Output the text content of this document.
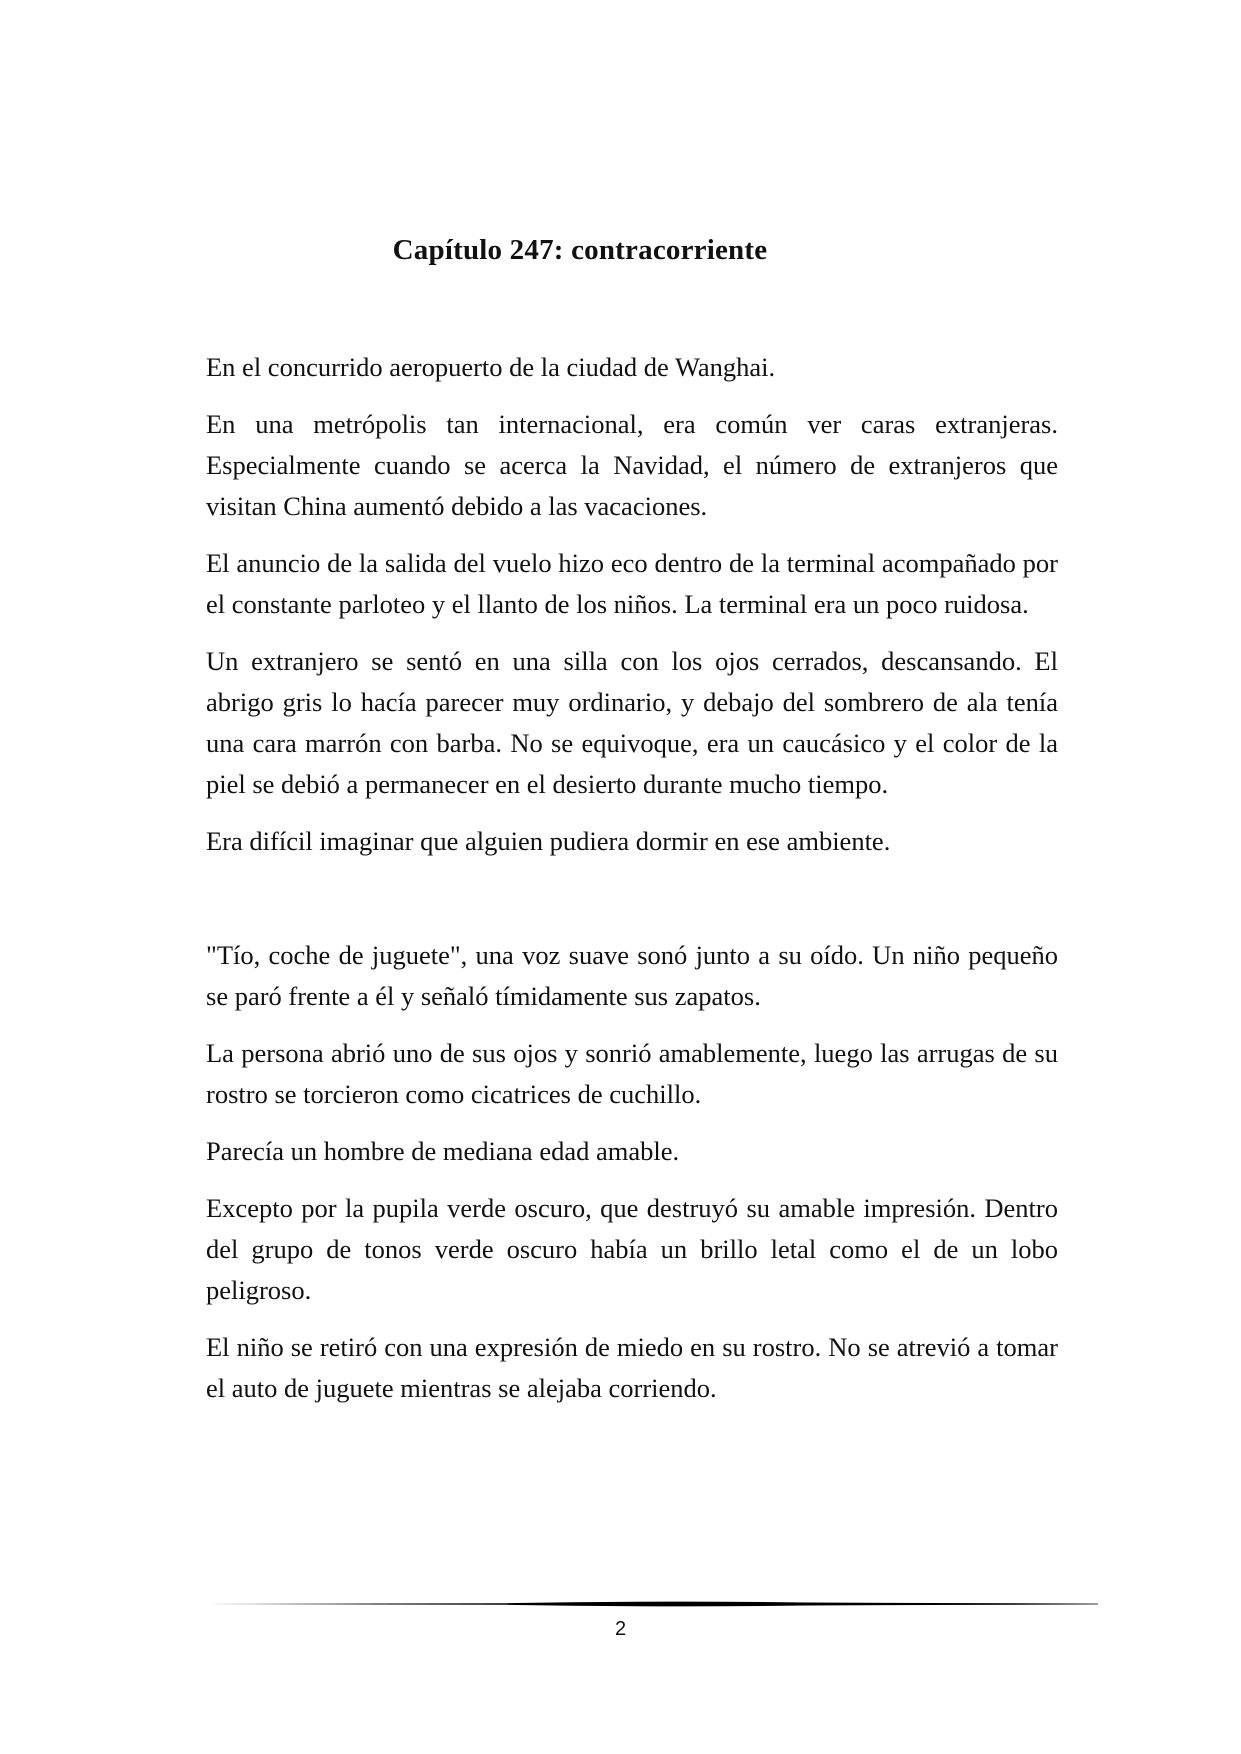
Capítulo 247: contracorriente

En el concurrido aeropuerto de la ciudad de Wanghai.

En una metrópolis tan internacional, era común ver caras extranjeras. Especialmente cuando se acerca la Navidad, el número de extranjeros que visitan China aumentó debido a las vacaciones.

El anuncio de la salida del vuelo hizo eco dentro de la terminal acompañado por el constante parloteo y el llanto de los niños. La terminal era un poco ruidosa.

Un extranjero se sentó en una silla con los ojos cerrados, descansando. El abrigo gris lo hacía parecer muy ordinario, y debajo del sombrero de ala tenía una cara marrón con barba. No se equivoque, era un caucásico y el color de la piel se debió a permanecer en el desierto durante mucho tiempo.

Era difícil imaginar que alguien pudiera dormir en ese ambiente.

"Tío, coche de juguete", una voz suave sonó junto a su oído. Un niño pequeño se paró frente a él y señaló tímidamente sus zapatos.

La persona abrió uno de sus ojos y sonrió amablemente, luego las arrugas de su rostro se torcieron como cicatrices de cuchillo.

Parecía un hombre de mediana edad amable.

Excepto por la pupila verde oscuro, que destruyó su amable impresión. Dentro del grupo de tonos verde oscuro había un brillo letal como el de un lobo peligroso.

El niño se retiró con una expresión de miedo en su rostro. No se atrevió a tomar el auto de juguete mientras se alejaba corriendo.

2
